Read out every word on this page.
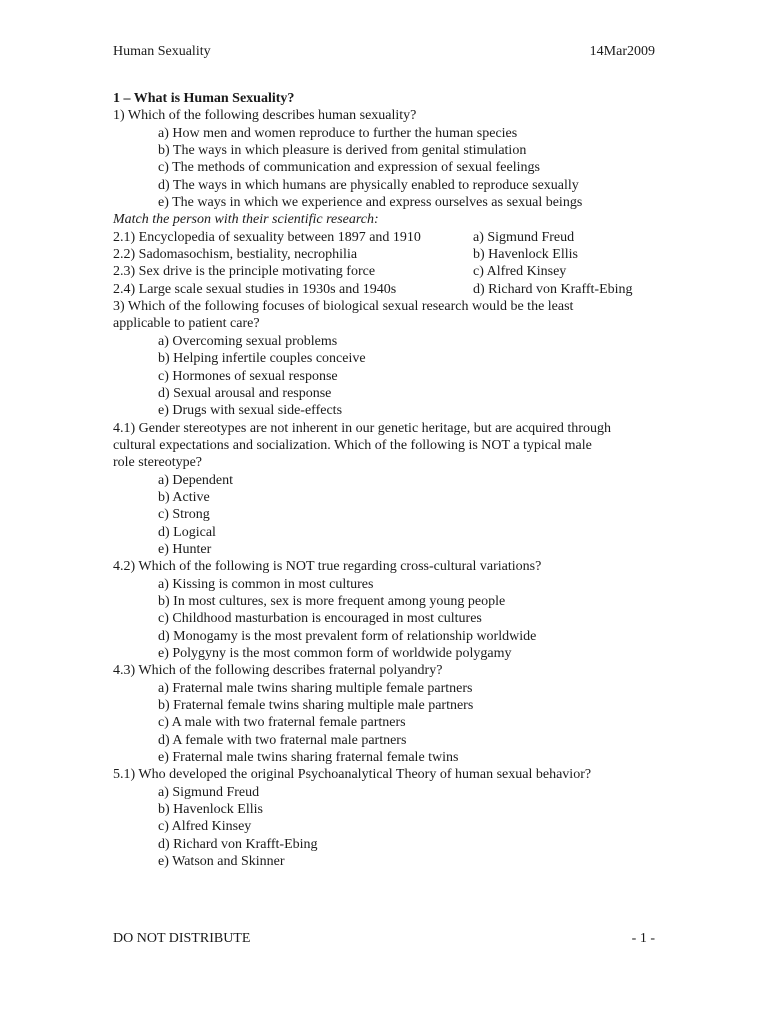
Human Sexuality	14Mar2009
1 – What is Human Sexuality?
1) Which of the following describes human sexuality?
a) How men and women reproduce to further the human species
b) The ways in which pleasure is derived from genital stimulation
c) The methods of communication and expression of sexual feelings
d) The ways in which humans are physically enabled to reproduce sexually
e) The ways in which we experience and express ourselves as sexual beings
Match the person with their scientific research:
2.1) Encyclopedia of sexuality between 1897 and 1910	a) Sigmund Freud
2.2) Sadomasochism, bestiality, necrophilia	b) Havenlock Ellis
2.3) Sex drive is the principle motivating force	c) Alfred Kinsey
2.4) Large scale sexual studies in 1930s and 1940s	d) Richard von Krafft-Ebing
3) Which of the following focuses of biological sexual research would be the least
applicable to patient care?
a) Overcoming sexual problems
b) Helping infertile couples conceive
c) Hormones of sexual response
d) Sexual arousal and response
e) Drugs with sexual side-effects
4.1) Gender stereotypes are not inherent in our genetic heritage, but are acquired through
cultural expectations and socialization. Which of the following is NOT a typical male
role stereotype?
a) Dependent
b) Active
c) Strong
d) Logical
e) Hunter
4.2) Which of the following is NOT true regarding cross-cultural variations?
a) Kissing is common in most cultures
b) In most cultures, sex is more frequent among young people
c) Childhood masturbation is encouraged in most cultures
d) Monogamy is the most prevalent form of relationship worldwide
e) Polygyny is the most common form of worldwide polygamy
4.3) Which of the following describes fraternal polyandry?
a) Fraternal male twins sharing multiple female partners
b) Fraternal female twins sharing multiple male partners
c) A male with two fraternal female partners
d) A female with two fraternal male partners
e) Fraternal male twins sharing fraternal female twins
5.1) Who developed the original Psychoanalytical Theory of human sexual behavior?
a) Sigmund Freud
b) Havenlock Ellis
c) Alfred Kinsey
d) Richard von Krafft-Ebing
e) Watson and Skinner
DO NOT DISTRIBUTE	- 1 -
